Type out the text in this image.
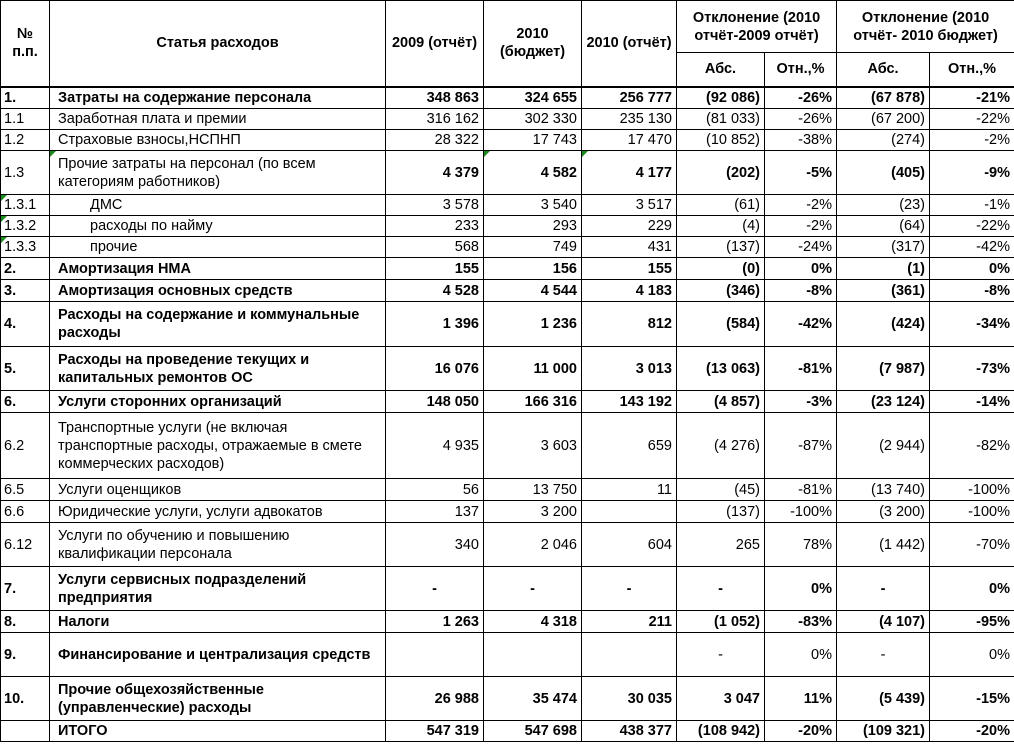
№ п.п.	Статья расходов	2009 (отчёт)	2010 (бюджет)	2010 (отчёт)	Отклонение (2010 отчёт-2009 отчёт)		Отклонение (2010 отчёт- 2010 бюджет)	
					Абс.	Отн.,%	Абс.	Отн.,%
1.	Затраты на содержание персонала	348 863	324 655	256 777	(92 086)	-26%	(67 878)	-21%
1.1	Заработная плата и премии	316 162	302 330	235 130	(81 033)	-26%	(67 200)	-22%
1.2	Страховые взносы,НСПНП	28 322	17 743	17 470	(10 852)	-38%	(274)	-2%
1.3	Прочие затраты на персонал (по всем категориям работников)	4 379	4 582	4 177	(202)	-5%	(405)	-9%
1.3.1	ДМС	3 578	3 540	3 517	(61)	-2%	(23)	-1%
1.3.2	расходы по найму	233	293	229	(4)	-2%	(64)	-22%
1.3.3	прочие	568	749	431	(137)	-24%	(317)	-42%
2.	Амортизация НМА	155	156	155	(0)	0%	(1)	0%
3.	Амортизация основных средств	4 528	4 544	4 183	(346)	-8%	(361)	-8%
4.	Расходы на содержание и коммунальные расходы	1 396	1 236	812	(584)	-42%	(424)	-34%
5.	Расходы на проведение текущих и капитальных ремонтов ОС	16 076	11 000	3 013	(13 063)	-81%	(7 987)	-73%
6.	Услуги сторонних организаций	148 050	166 316	143 192	(4 857)	-3%	(23 124)	-14%
6.2	Транспортные услуги (не включая транспортные расходы, отражаемые в смете коммерческих расходов)	4 935	3 603	659	(4 276)	-87%	(2 944)	-82%
6.5	Услуги оценщиков	56	13 750	11	(45)	-81%	(13 740)	-100%
6.6	Юридические услуги, услуги адвокатов	137	3 200		(137)	-100%	(3 200)	-100%
6.12	Услуги по обучению и повышению квалификации персонала	340	2 046	604	265	78%	(1 442)	-70%
7.	Услуги сервисных подразделений предприятия	-	-	-	-	0%	-	0%
8.	Налоги	1 263	4 318	211	(1 052)	-83%	(4 107)	-95%
9.	Финансирование и централизация средств				-	0%	-	0%
10.	Прочие общехозяйственные (управленческие) расходы	26 988	35 474	30 035	3 047	11%	(5 439)	-15%
	ИТОГО	547 319	547 698	438 377	(108 942)	-20%	(109 321)	-20%
